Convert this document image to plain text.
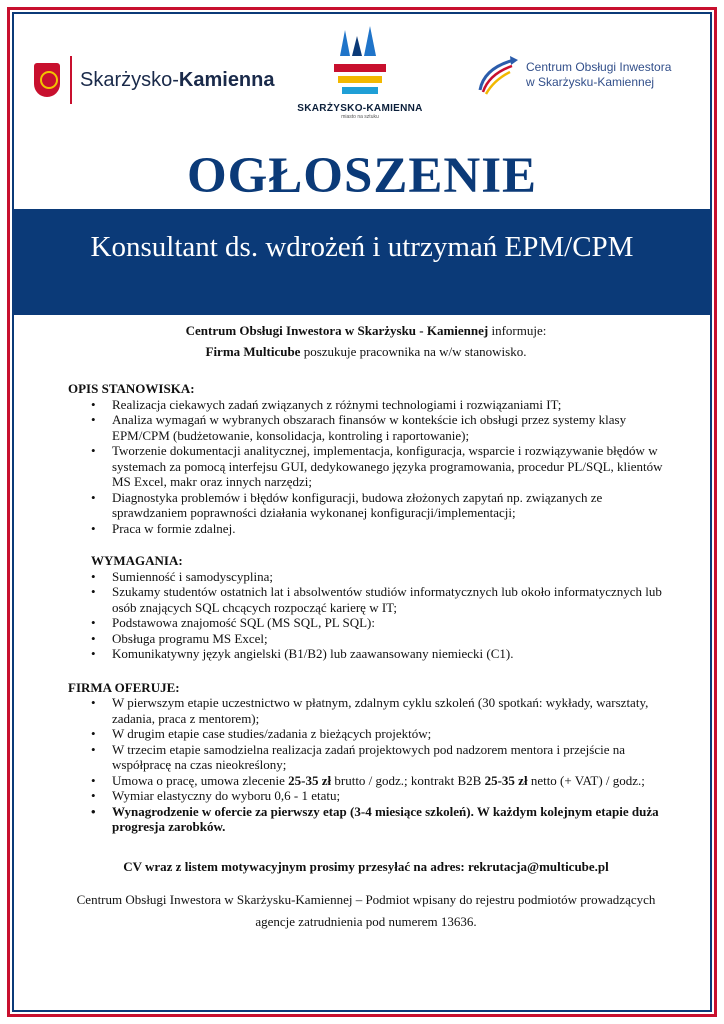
Skarżysko-Kamienna
SKARŻYSKO-KAMIENNA
miasto na sztuku
Centrum Obsługi Inwestora
w Skarżysku-Kamiennej
OGŁOSZENIE
Konsultant ds. wdrożeń i utrzymań EPM/CPM

Centrum Obsługi Inwestora w Skarżysku - Kamiennej informuje:

Firma Multicube poszukuje pracownika na w/w stanowisko.

OPIS STANOWISKA:

• Realizacja ciekawych zadań związanych z różnymi technologiami i rozwiązaniami IT;
• Analiza wymagań w wybranych obszarach finansów w kontekście ich obsługi przez systemy klasy EPM/CPM (budżetowanie, konsolidacja, kontroling i raportowanie);
• Tworzenie dokumentacji analitycznej, implementacja, konfiguracja, wsparcie i rozwiązywanie błędów w systemach za pomocą interfejsu GUI, dedykowanego języka programowania, procedur PL/SQL, klientów MS Excel, makr oraz innych narzędzi;
• Diagnostyka problemów i błędów konfiguracji, budowa złożonych zapytań np. związanych ze sprawdzaniem poprawności działania wykonanej konfiguracji/implementacji;
• Praca w formie zdalnej.

WYMAGANIA:

• Sumienność i samodyscyplina;
• Szukamy studentów ostatnich lat i absolwentów studiów informatycznych lub około informatycznych lub osób znających SQL chcących rozpocząć karierę w IT;
• Podstawowa znajomość SQL (MS SQL, PL SQL):
• Obsługa programu MS Excel;
• Komunikatywny język angielski (B1/B2) lub zaawansowany niemiecki (C1).

FIRMA OFERUJE:

• W pierwszym etapie uczestnictwo w płatnym, zdalnym cyklu szkoleń (30 spotkań: wykłady, warsztaty, zadania, praca z mentorem);
• W drugim etapie case studies/zadania z bieżących projektów;
• W trzecim etapie samodzielna realizacja zadań projektowych pod nadzorem mentora i przejście na współpracę na czas nieokreślony;
• Umowa o pracę, umowa zlecenie 25-35 zł brutto / godz.; kontrakt B2B 25-35 zł netto (+ VAT) / godz.;
• Wymiar elastyczny do wyboru 0,6 - 1 etatu;
• Wynagrodzenie w ofercie za pierwszy etap (3-4 miesiące szkoleń). W każdym kolejnym etapie duża progresja zarobków.

CV wraz z listem motywacyjnym prosimy przesyłać na adres: rekrutacja@multicube.pl

Centrum Obsługi Inwestora w Skarżysku-Kamiennej – Podmiot wpisany do rejestru podmiotów prowadzących agencje zatrudnienia pod numerem 13636.
